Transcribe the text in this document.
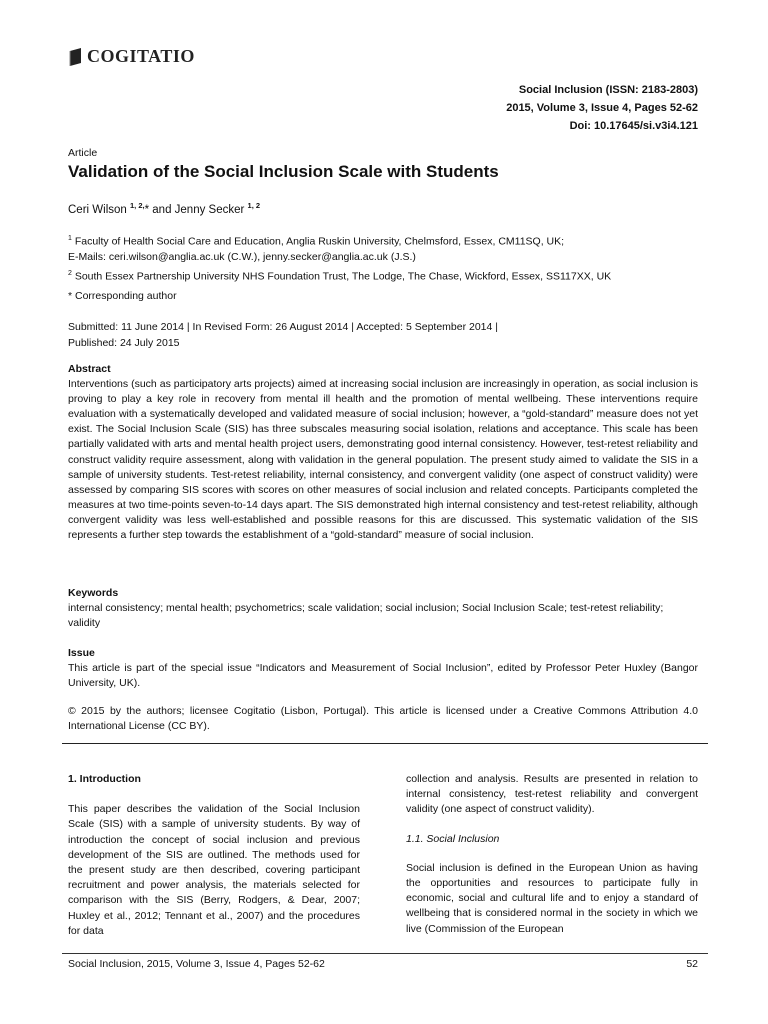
COGITATIO
Social Inclusion (ISSN: 2183-2803)
2015, Volume 3, Issue 4, Pages 52-62
Doi: 10.17645/si.v3i4.121
Article
Validation of the Social Inclusion Scale with Students
Ceri Wilson $^{1, 2,}$* and Jenny Secker $^{1, 2}$
$^1$ Faculty of Health Social Care and Education, Anglia Ruskin University, Chelmsford, Essex, CM11SQ, UK;
E-Mails: ceri.wilson@anglia.ac.uk (C.W.), jenny.secker@anglia.ac.uk (J.S.)
$^2$ South Essex Partnership University NHS Foundation Trust, The Lodge, The Chase, Wickford, Essex, SS117XX, UK
* Corresponding author
Submitted: 11 June 2014 | In Revised Form: 26 August 2014 | Accepted: 5 September 2014 |
Published: 24 July 2015
Abstract
Interventions (such as participatory arts projects) aimed at increasing social inclusion are increasingly in operation, as social inclusion is proving to play a key role in recovery from mental ill health and the promotion of mental wellbeing. These interventions require evaluation with a systematically developed and validated measure of social inclusion; however, a “gold-standard” measure does not yet exist. The Social Inclusion Scale (SIS) has three subscales measuring social isolation, relations and acceptance. This scale has been partially validated with arts and mental health project users, demonstrating good internal consistency. However, test-retest reliability and construct validity require assessment, along with validation in the general population. The present study aimed to validate the SIS in a sample of university students. Test-retest reliability, internal consistency, and convergent validity (one aspect of construct validity) were assessed by comparing SIS scores with scores on other measures of social inclusion and related concepts. Participants completed the measures at two time-points seven-to-14 days apart. The SIS demonstrated high internal consistency and test-retest reliability, although convergent validity was less well-established and possible reasons for this are discussed. This systematic validation of the SIS represents a further step towards the establishment of a “gold-standard” measure of social inclusion.
Keywords
internal consistency; mental health; psychometrics; scale validation; social inclusion; Social Inclusion Scale; test-retest reliability; validity
Issue
This article is part of the special issue “Indicators and Measurement of Social Inclusion”, edited by Professor Peter Huxley (Bangor University, UK).
© 2015 by the authors; licensee Cogitatio (Lisbon, Portugal). This article is licensed under a Creative Commons Attribution 4.0 International License (CC BY).
1. Introduction

This paper describes the validation of the Social Inclusion Scale (SIS) with a sample of university students. By way of introduction the concept of social inclusion and previous development of the SIS are outlined. The methods used for the present study are then described, covering participant recruitment and power analysis, the materials selected for comparison with the SIS (Berry, Rodgers, & Dear, 2007; Huxley et al., 2012; Tennant et al., 2007) and the procedures for data

collection and analysis. Results are presented in relation to internal consistency, test-retest reliability and convergent validity (one aspect of construct validity).

1.1. Social Inclusion

Social inclusion is defined in the European Union as having the opportunities and resources to participate fully in economic, social and cultural life and to enjoy a standard of wellbeing that is considered normal in the society in which we live (Commission of the European

Social Inclusion, 2015, Volume 3, Issue 4, Pages 52-62	52
